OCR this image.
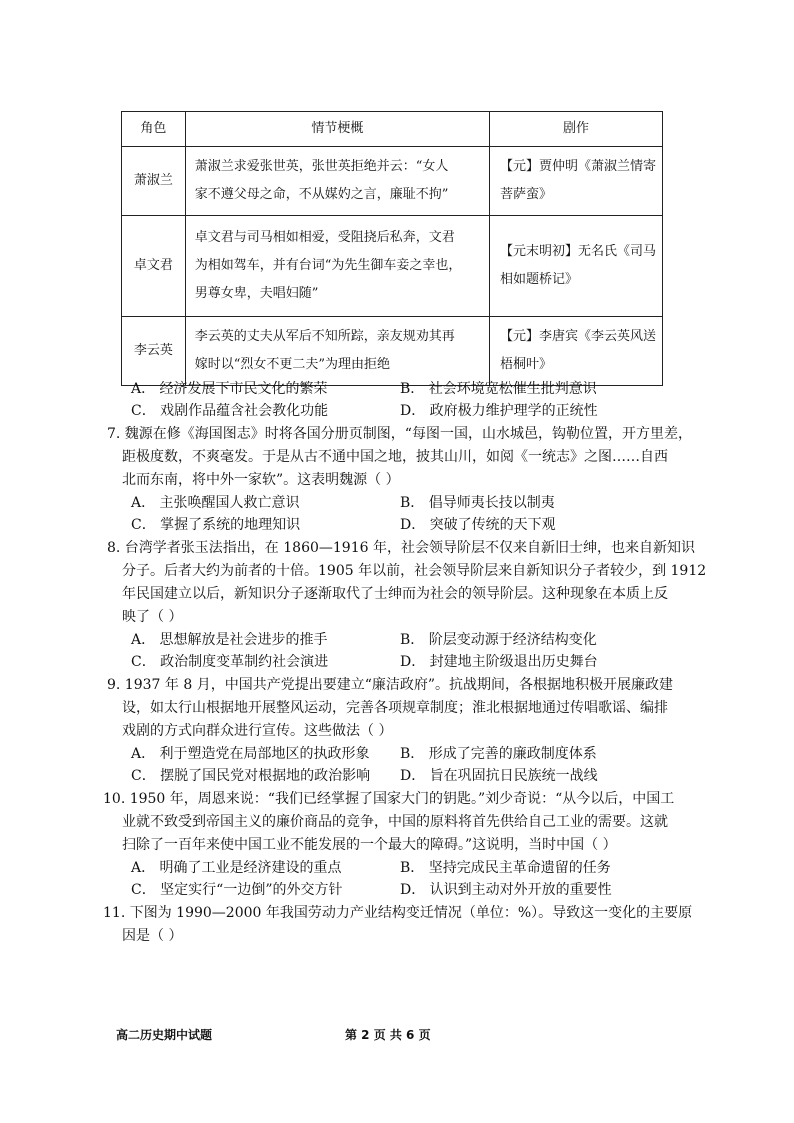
角色	情节梗概	剧作
萧淑兰	萧淑兰求爱张世英，张世英拒绝并云：“女人
家不遵父母之命，不从媒妁之言，廉耻不拘”	【元】贾仲明《萧淑兰情寄
菩萨蛮》

卓文君	卓文君与司马相如相爱，受阻挠后私奔，文君
为相如驾车，并有台词“为先生御车妾之幸也，
男尊女卑，夫唱妇随”	【元末明初】无名氏《司马
相如题桥记》

李云英	李云英的丈夫从军后不知所踪，亲友规劝其再
嫁时以“烈女不更二夫”为理由拒绝	【元】李唐宾《李云英风送
梧桐叶》
A． 经济发展下市民文化的繁荣	B． 社会环境宽松催生批判意识
C． 戏剧作品蕴含社会教化功能	D． 政府极力维护理学的正统性
7. 魏源在修《海国图志》时将各国分册页制图，“每图一国，山水城邑，钩勒位置，开方里差，
距极度数，不爽毫发。于是从古不通中国之地，披其山川，如阅《一统志》之图……自西
北而东南，将中外一家软”。这表明魏源（ ）
A． 主张唤醒国人救亡意识	B． 倡导师夷长技以制夷
C． 掌握了系统的地理知识	D． 突破了传统的天下观
8. 台湾学者张玉法指出，在 1860—1916 年，社会领导阶层不仅来自新旧士绅，也来自新知识
分子。后者大约为前者的十倍。1905 年以前，社会领导阶层来自新知识分子者较少，到 1912
年民国建立以后，新知识分子逐渐取代了士绅而为社会的领导阶层。这种现象在本质上反
映了（ ）
A． 思想解放是社会进步的推手	B． 阶层变动源于经济结构变化
C． 政治制度变革制约社会演进	D． 封建地主阶级退出历史舞台
9. 1937 年 8 月，中国共产党提出要建立“廉洁政府”。抗战期间，各根据地积极开展廉政建
设，如太行山根据地开展整风运动，完善各项规章制度；淮北根据地通过传唱歌谣、编排
戏剧的方式向群众进行宣传。这些做法（ ）
A． 利于塑造党在局部地区的执政形象 B． 形成了完善的廉政制度体系
C． 摆脱了国民党对根据地的政治影响 D． 旨在巩固抗日民族统一战线
10. 1950 年，周恩来说：“我们已经掌握了国家大门的钥匙。”刘少奇说：“从今以后，中国工
业就不致受到帝国主义的廉价商品的竞争，中国的原料将首先供给自己工业的需要。这就
扫除了一百年来使中国工业不能发展的一个最大的障碍。”这说明，当时中国（ ）
A． 明确了工业是经济建设的重点	B． 坚持完成民主革命遗留的任务
C． 坚定实行“一边倒”的外交方针	D． 认识到主动对外开放的重要性
11. 下图为 1990—2000 年我国劳动力产业结构变迁情况（单位：%）。导致这一变化的主要原
因是（ ）
高二历史期中试题	第 2 页 共 6 页
